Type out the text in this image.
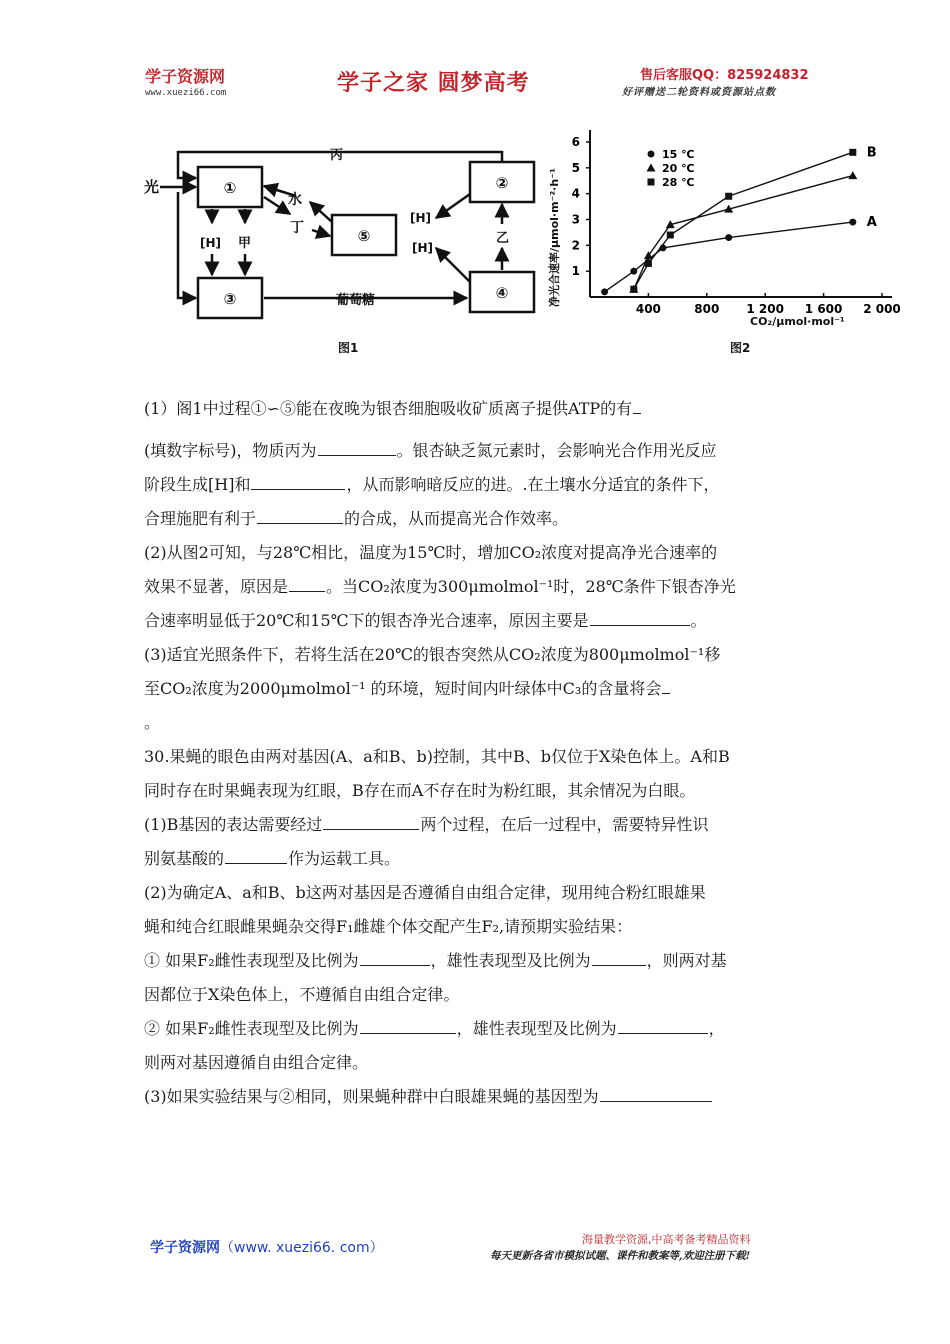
学子资源网
www.xuezi66.com	学子之家 圆梦高考	售后客服QQ：825924832
好评赠送二轮资料或资源站点数
①	②
⑤
③	④
光
丙
水
丁
[H] 甲
[H]
[H]
乙
葡萄糖
图1
净光合速率/μmol·m⁻²·h⁻¹ 1
2
3
4
5
6
400	800 1 200 1 600 2 000
A
B
15 ℃
20 ℃
28 ℃
CO₂/μmol·mol⁻¹
图2

(1）阁1中过程①∽⑤能在夜晚为银杏细胞吸收矿质离子提供ATP的有

(填数字标号)，物质丙为	。银杏缺乏氮元素时，会影响光合作用光反应

阶段生成[H]和	，从而影响暗反应的进。.在土壤水分适宜的条件下，

合理施肥有利于	的合成，从而提高光合作效率。

(2)从图2可知，与28℃相比，温度为15℃时，增加CO₂浓度对提高净光合速率的

效果不显著，原因是 。当CO₂浓度为300μmolmol⁻¹时，28℃条件下银杏净光

合速率明显低于20℃和15℃下的银杏净光合速率，原因主要是	。

(3)适宜光照条件下，若将生活在20℃的银杏突然从CO₂浓度为800μmolmol⁻¹移

至CO₂浓度为2000μmolmol⁻¹ 的环境，短时间内叶绿体中C₃的含量将会

。

30.果蝇的眼色由两对基因(A、a和B、b)控制，其中B、b仅位于X染色体上。A和B

同时存在时果蝇表现为红眼，B存在而A不存在时为粉红眼，其余情况为白眼。

(1)B基因的表达需要经过	两个过程，在后一过程中，需要特异性识

别氨基酸的	作为运载工具。

(2)为确定A、a和B、b这两对基因是否遵循自由组合定律，现用纯合粉红眼雄果

蝇和纯合红眼雌果蝇杂交得F₁雌雄个体交配产生F₂,请预期实验结果：

① 如果F₂雌性表现型及比例为	，雄性表现型及比例为	，则两对基

因都位于X染色体上，不遵循自由组合定律。

② 如果F₂雌性表现型及比例为	，雄性表现型及比例为	，

则两对基因遵循自由组合定律。

(3)如果实验结果与②相同，则果蝇种群中白眼雄果蝇的基因型为

学子资源网（www. xuezi66. com）
海量教学资源,中高考备考精品资料
每天更新各省市模拟试题、课件和教案等,欢迎注册下载!
